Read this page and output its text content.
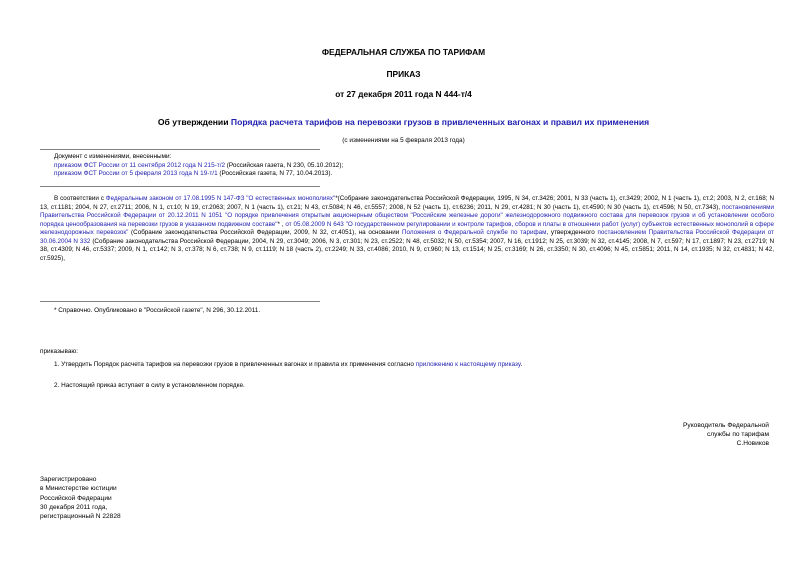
ФЕДЕРАЛЬНАЯ СЛУЖБА ПО ТАРИФАМ
ПРИКАЗ
от 27 декабря 2011 года N 444-т/4
Об утверждении Порядка расчета тарифов на перевозки грузов в привлеченных вагонах и правил их применения
(с изменениями на 5 февраля 2013 года)
Документ с изменениями, внесенными:
приказом ФСТ России от 11 сентября 2012 года N 215-т/2 (Российская газета, N 230, 05.10.2012);
приказом ФСТ России от 5 февраля 2013 года N 19-т/1 (Российская газета, N 77, 10.04.2013).
В соответствии с Федеральным законом от 17.08.1995 N 147-ФЗ "О естественных монополиях"*(Собрание законодательства Российской Федерации, 1995, N 34, ст.3426; 2001, N 33 (часть 1), ст.3429; 2002, N 1 (часть 1), ст.2; 2003, N 2, ст.168; N 13, ст.1181; 2004, N 27, ст.2711; 2006, N 1, ст.10; N 19, ст.2063; 2007, N 1 (часть 1), ст.21; N 43, ст.5084; N 46, ст.5557; 2008, N 52 (часть 1), ст.6236; 2011, N 29, ст.4281; N 30 (часть 1), ст.4590; N 30 (часть 1), ст.4596; N 50, ст.7343), постановлениями Правительства Российской Федерации от 20.12.2011 N 1051 "О порядке привлечения открытым акционерным обществом "Российские железные дороги" железнодорожного подвижного состава для перевозок грузов и об установлении особого порядка ценообразования на перевозки грузов в указанном подвижном составе"* , от 05.08.2009 N 643 "О государственном регулировании и контроле тарифов, сборов и платы в отношении работ (услуг) субъектов естественных монополий в сфере железнодорожных перевозок" (Собрание законодательства Российской Федерации, 2009, N 32, ст.4051), на основании Положения о Федеральной службе по тарифам, утвержденного постановлением Правительства Российской Федерации от 30.06.2004 N 332 (Собрание законодательства Российской Федерации, 2004, N 29, ст.3049; 2006, N 3, ст.301; N 23, ст.2522; N 48, ст.5032; N 50, ст.5354; 2007, N 16, ст.1912; N 25, ст.3039; N 32, ст.4145; 2008, N 7, ст.597; N 17, ст.1897; N 23, ст.2719; N 38, ст.4309; N 46, ст.5337; 2009, N 1, ст.142; N 3, ст.378; N 6, ст.738; N 9, ст.1119; N 18 (часть 2), ст.2249; N 33, ст.4086; 2010, N 9, ст.960; N 13, ст.1514; N 25, ст.3169; N 26, ст.3350; N 30, ст.4096; N 45, ст.5851; 2011, N 14, ст.1935; N 32, ст.4831; N 42, ст.5925),
* Справочно. Опубликовано в "Российской газете", N 296, 30.12.2011.
приказываю:
1. Утвердить Порядок расчета тарифов на перевозки грузов в привлеченных вагонах и правила их применения согласно приложению к настоящему приказу.
2. Настоящий приказ вступает в силу в установленном порядке.
Руководитель Федеральной
службы по тарифам
С.Новиков
Зарегистрировано
в Министерстве юстиции
Российской Федерации
30 декабря 2011 года,
регистрационный N 22828
